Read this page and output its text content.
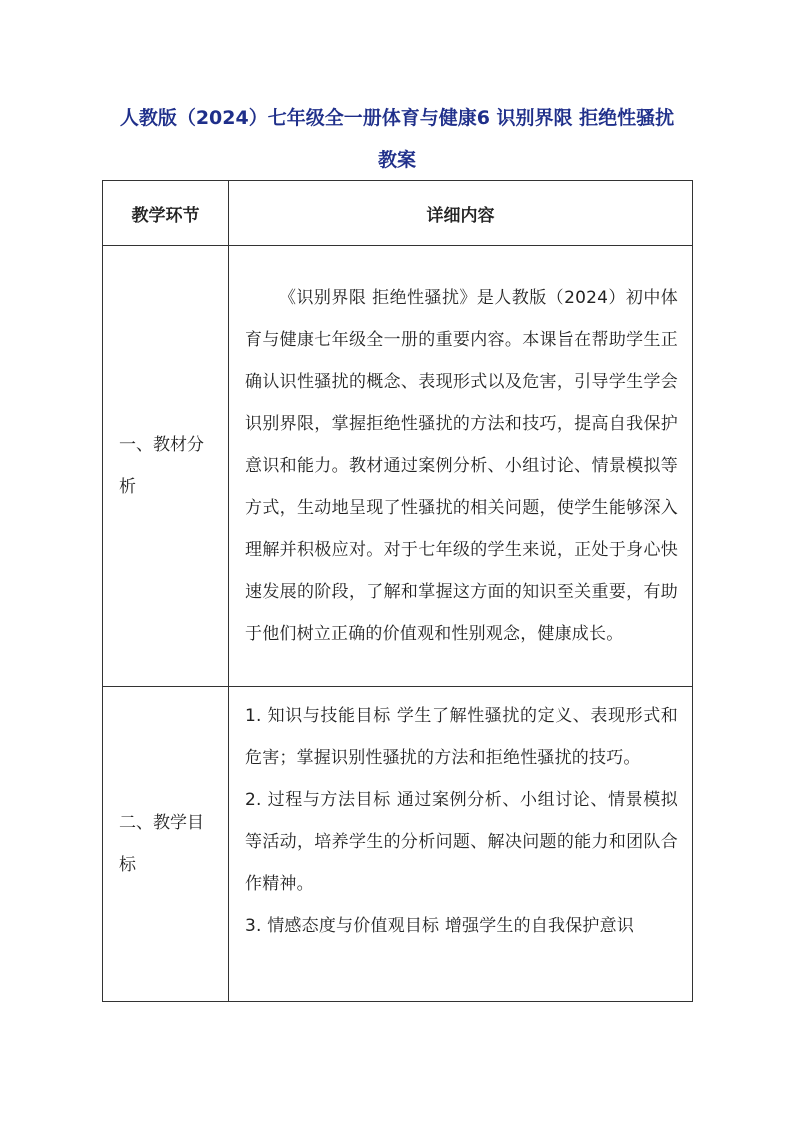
人教版（2024）七年级全一册体育与健康6 识别界限 拒绝性骚扰
教案
教学环节	详细内容
一、教材分析	《识别界限 拒绝性骚扰》是人教版（2024）初中体育与健康七年级全一册的重要内容。本课旨在帮助学生正确认识性骚扰的概念、表现形式以及危害，引导学生学会识别界限，掌握拒绝性骚扰的方法和技巧，提高自我保护意识和能力。教材通过案例分析、小组讨论、情景模拟等方式，生动地呈现了性骚扰的相关问题，使学生能够深入理解并积极应对。对于七年级的学生来说，正处于身心快速发展的阶段，了解和掌握这方面的知识至关重要，有助于他们树立正确的价值观和性别观念，健康成长。

二、教学目标	1. 知识与技能目标 学生了解性骚扰的定义、表现形式和危害；掌握识别性骚扰的方法和拒绝性骚扰的技巧。

2. 过程与方法目标 通过案例分析、小组讨论、情景模拟等活动，培养学生的分析问题、解决问题的能力和团队合作精神。

3. 情感态度与价值观目标 增强学生的自我保护意识
